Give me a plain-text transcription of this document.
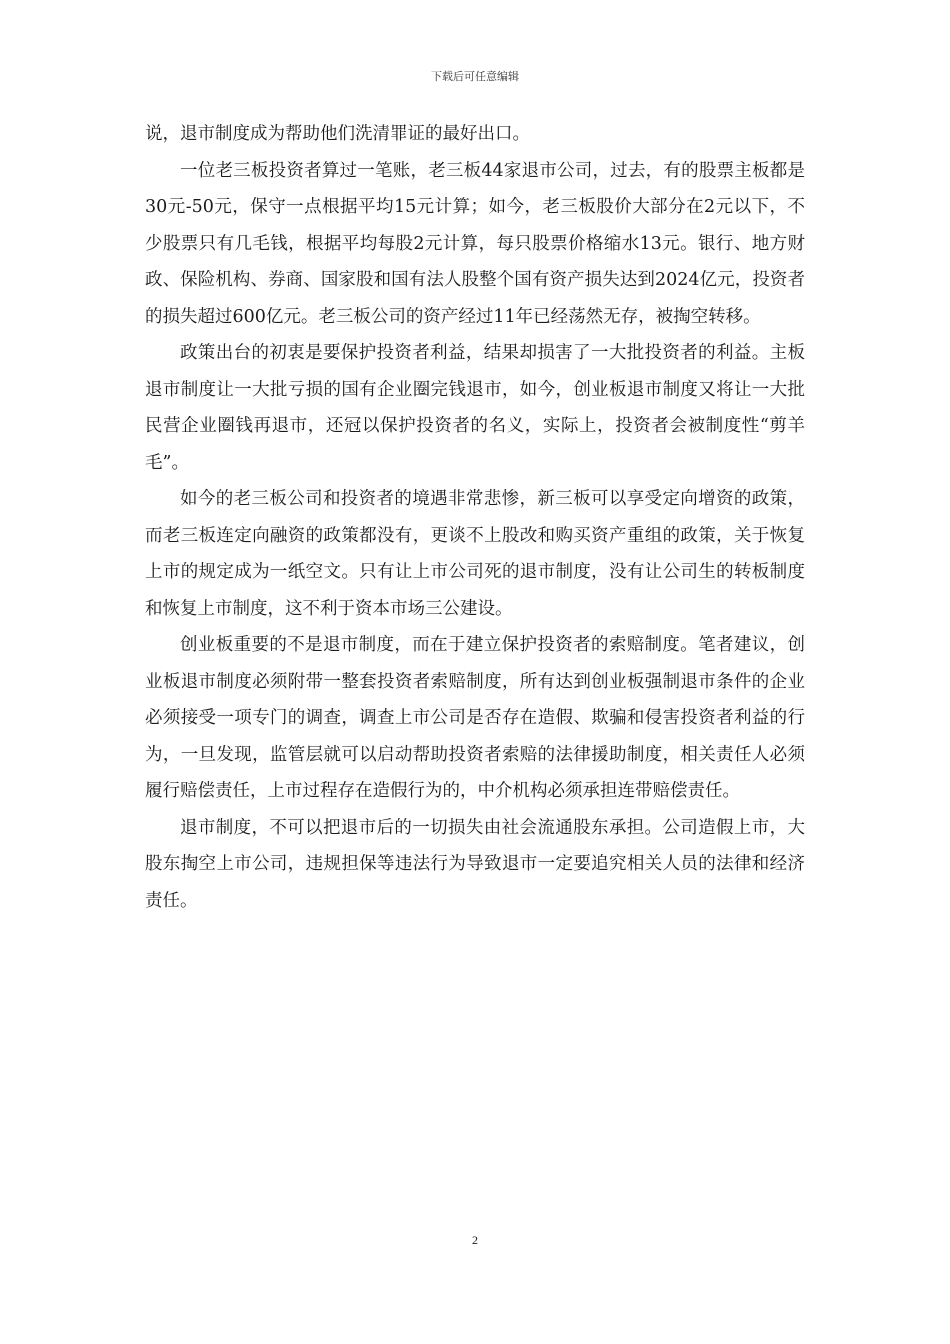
下载后可任意编辑

说，退市制度成为帮助他们洗清罪证的最好出口。

一位老三板投资者算过一笔账，老三板44家退市公司，过去，有的股票主板都是30元-50元，保守一点根据平均15元计算；如今，老三板股价大部分在2元以下，不少股票只有几毛钱，根据平均每股2元计算，每只股票价格缩水13元。银行、地方财政、保险机构、券商、国家股和国有法人股整个国有资产损失达到2024亿元，投资者的损失超过600亿元。老三板公司的资产经过11年已经荡然无存，被掏空转移。

政策出台的初衷是要保护投资者利益，结果却损害了一大批投资者的利益。主板退市制度让一大批亏损的国有企业圈完钱退市，如今，创业板退市制度又将让一大批民营企业圈钱再退市，还冠以保护投资者的名义，实际上，投资者会被制度性“剪羊毛”。

如今的老三板公司和投资者的境遇非常悲惨，新三板可以享受定向增资的政策，而老三板连定向融资的政策都没有，更谈不上股改和购买资产重组的政策，关于恢复上市的规定成为一纸空文。只有让上市公司死的退市制度，没有让公司生的转板制度和恢复上市制度，这不利于资本市场三公建设。

创业板重要的不是退市制度，而在于建立保护投资者的索赔制度。笔者建议，创业板退市制度必须附带一整套投资者索赔制度，所有达到创业板强制退市条件的企业必须接受一项专门的调查，调查上市公司是否存在造假、欺骗和侵害投资者利益的行为，一旦发现，监管层就可以启动帮助投资者索赔的法律援助制度，相关责任人必须履行赔偿责任，上市过程存在造假行为的，中介机构必须承担连带赔偿责任。

退市制度，不可以把退市后的一切损失由社会流通股东承担。公司造假上市，大股东掏空上市公司，违规担保等违法行为导致退市一定要追究相关人员的法律和经济责任。

2
